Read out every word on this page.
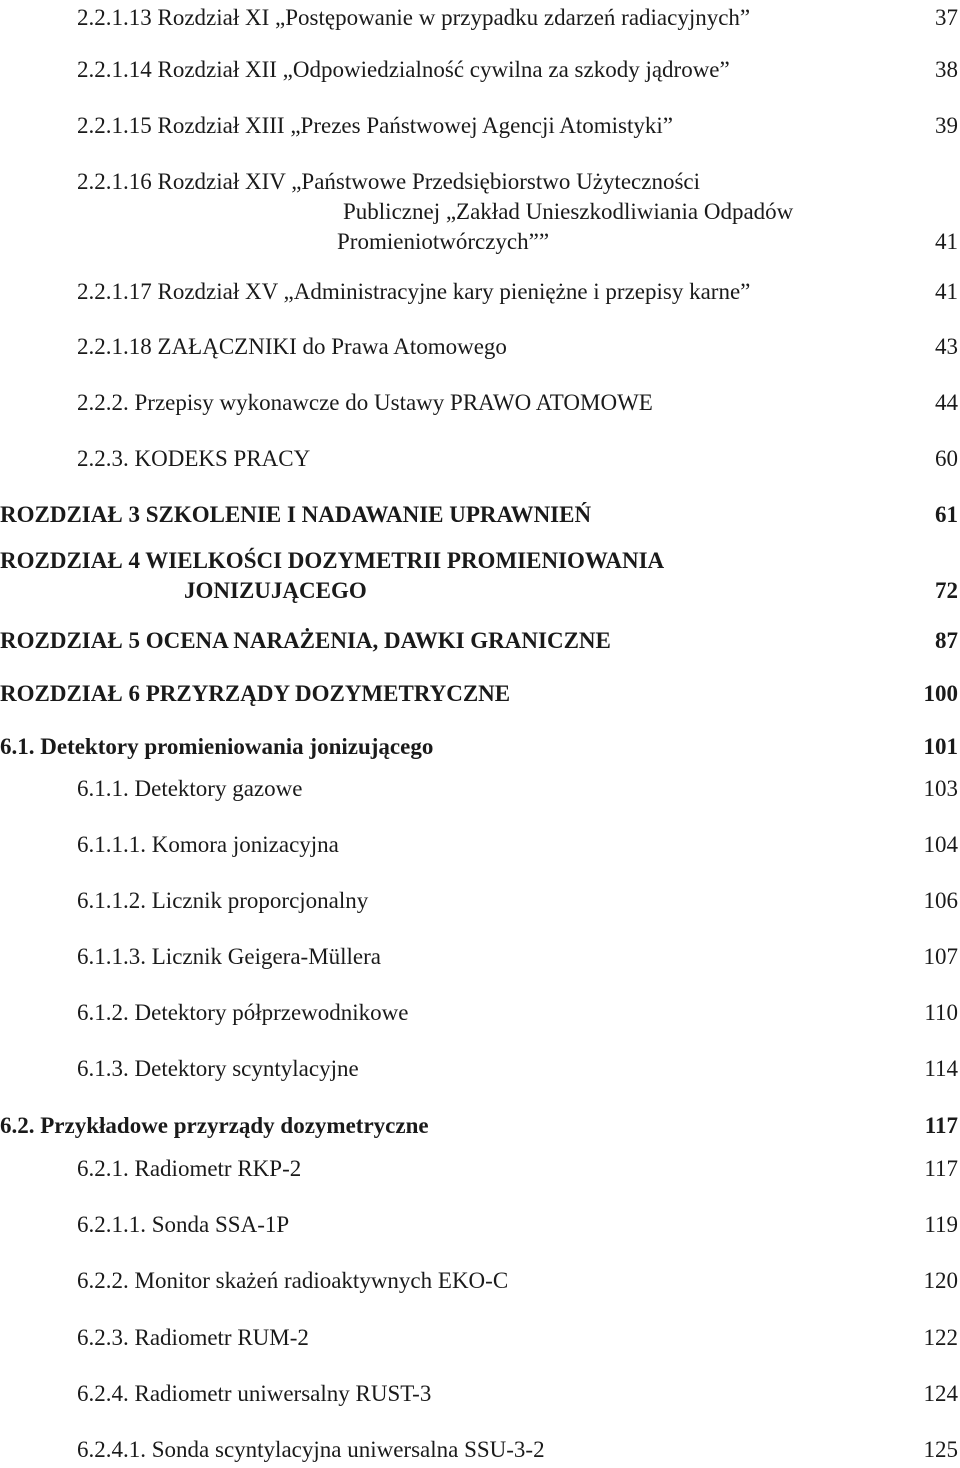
2.2.1.13 Rozdział XI „Postępowanie w przypadku zdarzeń radiacyjnych”	37
2.2.1.14 Rozdział XII „Odpowiedzialność cywilna za szkody jądrowe”	38
2.2.1.15 Rozdział XIII „Prezes Państwowej Agencji Atomistyki”	39
2.2.1.16 Rozdział XIV „Państwowe Przedsiębiorstwo Użyteczności
Publicznej „Zakład Unieszkodliwiania Odpadów
Promieniotwórczych””	41
2.2.1.17 Rozdział XV „Administracyjne kary pieniężne i przepisy karne”	41
2.2.1.18 ZAŁĄCZNIKI do Prawa Atomowego	43
2.2.2. Przepisy wykonawcze do Ustawy PRAWO ATOMOWE	44
2.2.3. KODEKS PRACY	60
ROZDZIAŁ 3 SZKOLENIE I NADAWANIE UPRAWNIEŃ	61
ROZDZIAŁ 4 WIELKOŚCI DOZYMETRII PROMIENIOWANIA
JONIZUJĄCEGO	72
ROZDZIAŁ 5 OCENA NARAŻENIA, DAWKI GRANICZNE	87
ROZDZIAŁ 6 PRZYRZĄDY DOZYMETRYCZNE	100
6.1. Detektory promieniowania jonizującego	101
6.1.1. Detektory gazowe	103
6.1.1.1. Komora jonizacyjna	104
6.1.1.2. Licznik proporcjonalny	106
6.1.1.3. Licznik Geigera-Müllera	107
6.1.2. Detektory półprzewodnikowe	110
6.1.3. Detektory scyntylacyjne	114
6.2. Przykładowe przyrządy dozymetryczne	117
6.2.1. Radiometr RKP-2	117
6.2.1.1. Sonda SSA-1P	119
6.2.2. Monitor skażeń radioaktywnych EKO-C	120
6.2.3. Radiometr RUM-2	122
6.2.4. Radiometr uniwersalny RUST-3	124
6.2.4.1. Sonda scyntylacyjna uniwersalna SSU-3-2	125
